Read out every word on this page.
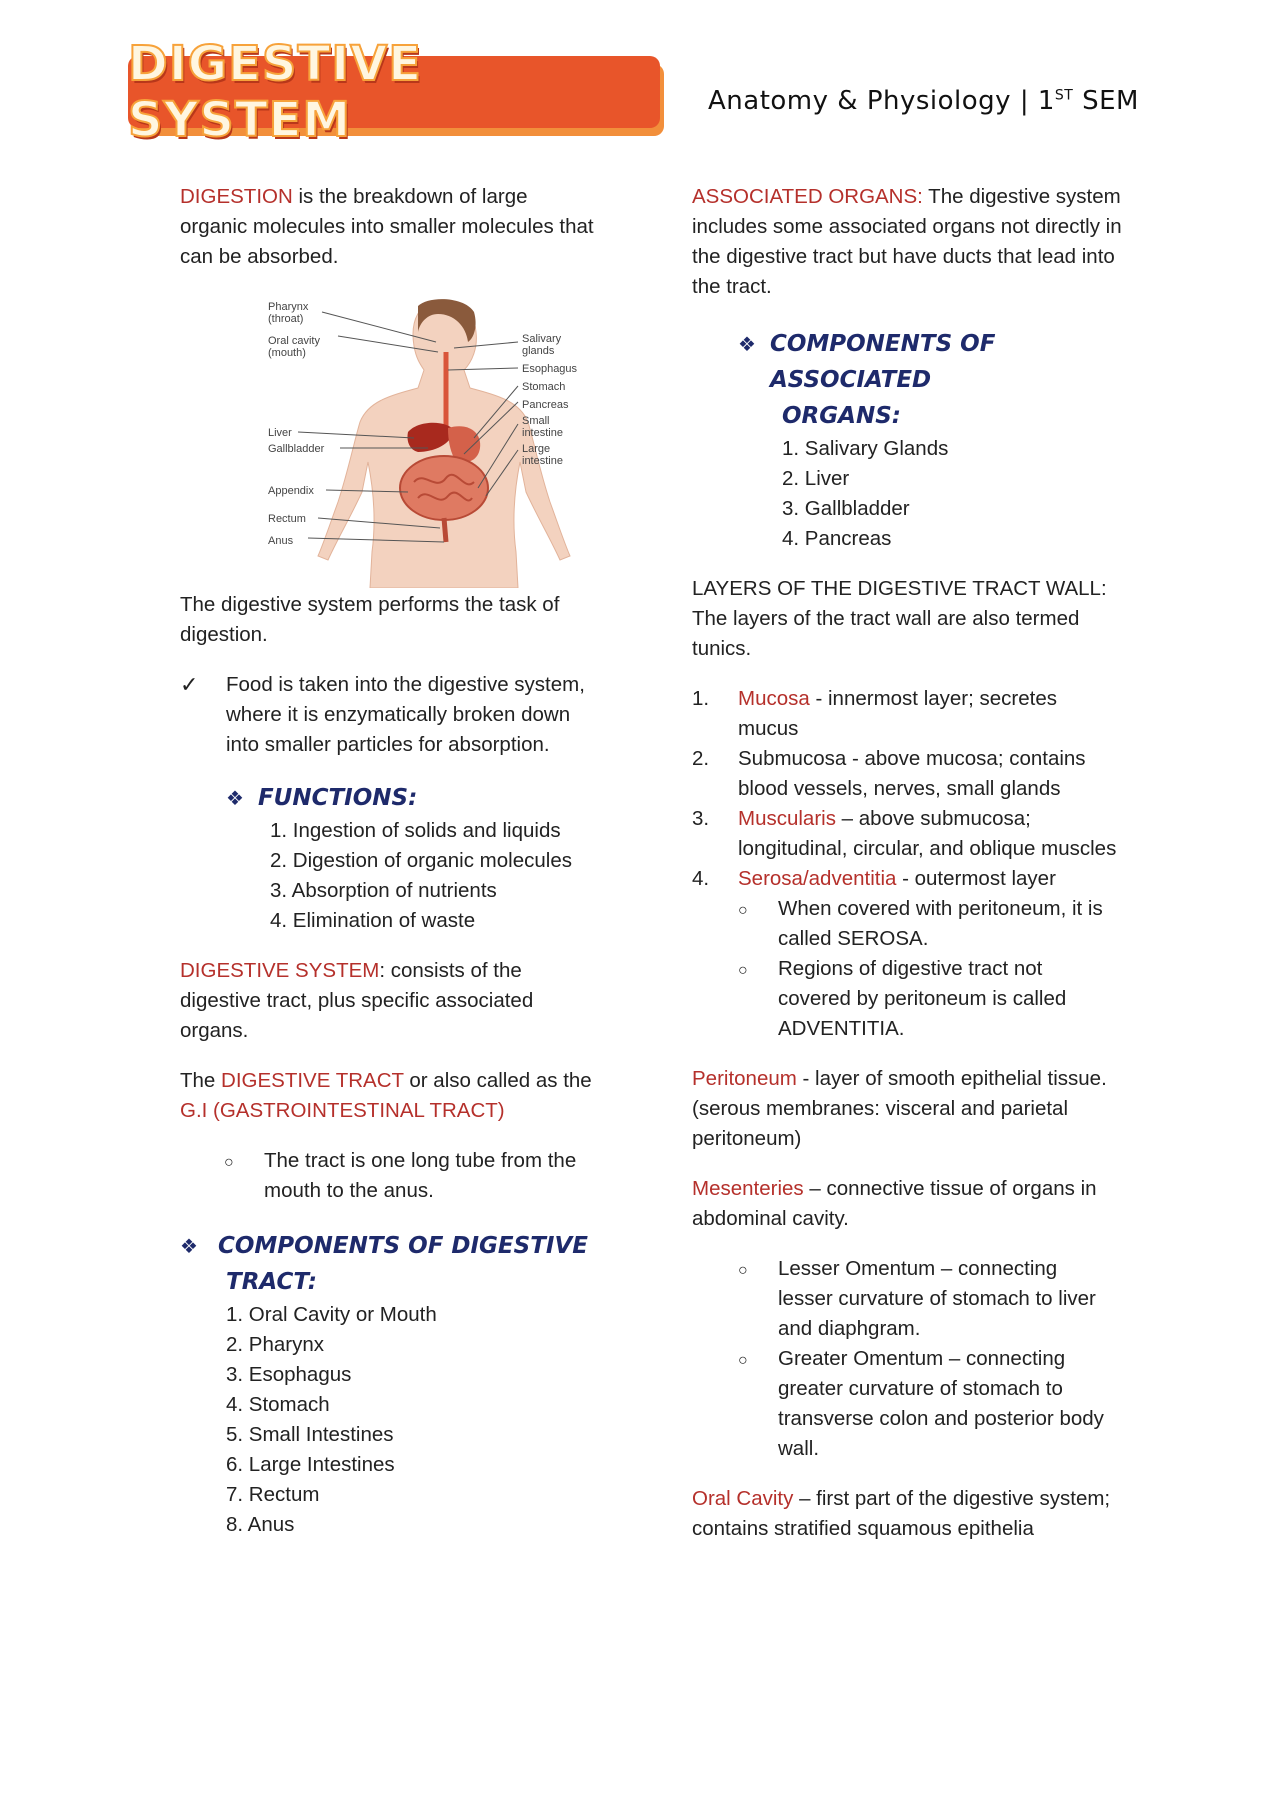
DIGESTIVE SYSTEM	Anatomy & Physiology | 1ST SEM

DIGESTION is the breakdown of large organic molecules into smaller molecules that can be absorbed.

Pharynx
(throat)
Oral cavity
(mouth)
Liver
Gallbladder
Appendix
Rectum
Anus
Salivary
glands
Esophagus
Stomach
Pancreas
Small
intestine
Large
intestine

The digestive system performs the task of digestion.

✓	Food is taken into the digestive system, where it is enzymatically broken down into smaller particles for absorption.
❖ FUNCTIONS:
1. Ingestion of solids and liquids
2. Digestion of organic molecules
3. Absorption of nutrients
4. Elimination of waste

DIGESTIVE SYSTEM: consists of the digestive tract, plus specific associated organs.

The DIGESTIVE TRACT or also called as the G.I (GASTROINTESTINAL TRACT)

○	The tract is one long tube from the mouth to the anus.
❖ COMPONENTS OF DIGESTIVE
TRACT:
1. Oral Cavity or Mouth
2. Pharynx
3. Esophagus
4. Stomach
5. Small Intestines
6. Large Intestines
7. Rectum
8. Anus

ASSOCIATED ORGANS: The digestive system includes some associated organs not directly in the digestive tract but have ducts that lead into the tract.

❖ COMPONENTS OF ASSOCIATED
ORGANS:
1. Salivary Glands
2. Liver
3. Gallbladder
4. Pancreas

LAYERS OF THE DIGESTIVE TRACT WALL: The layers of the tract wall are also termed tunics.

1.	Mucosa - innermost layer; secretes mucus
2.	Submucosa - above mucosa; contains blood vessels, nerves, small glands
3.	Muscularis – above submucosa; longitudinal, circular, and oblique muscles
4.	Serosa/adventitia - outermost layer
○	When covered with peritoneum, it is called SEROSA.
○	Regions of digestive tract not covered by peritoneum is called ADVENTITIA.

Peritoneum - layer of smooth epithelial tissue. (serous membranes: visceral and parietal peritoneum)

Mesenteries – connective tissue of organs in abdominal cavity.

○	Lesser Omentum – connecting lesser curvature of stomach to liver and diaphgram.
○	Greater Omentum – connecting greater curvature of stomach to transverse colon and posterior body wall.

Oral Cavity – first part of the digestive system; contains stratified squamous epithelia
